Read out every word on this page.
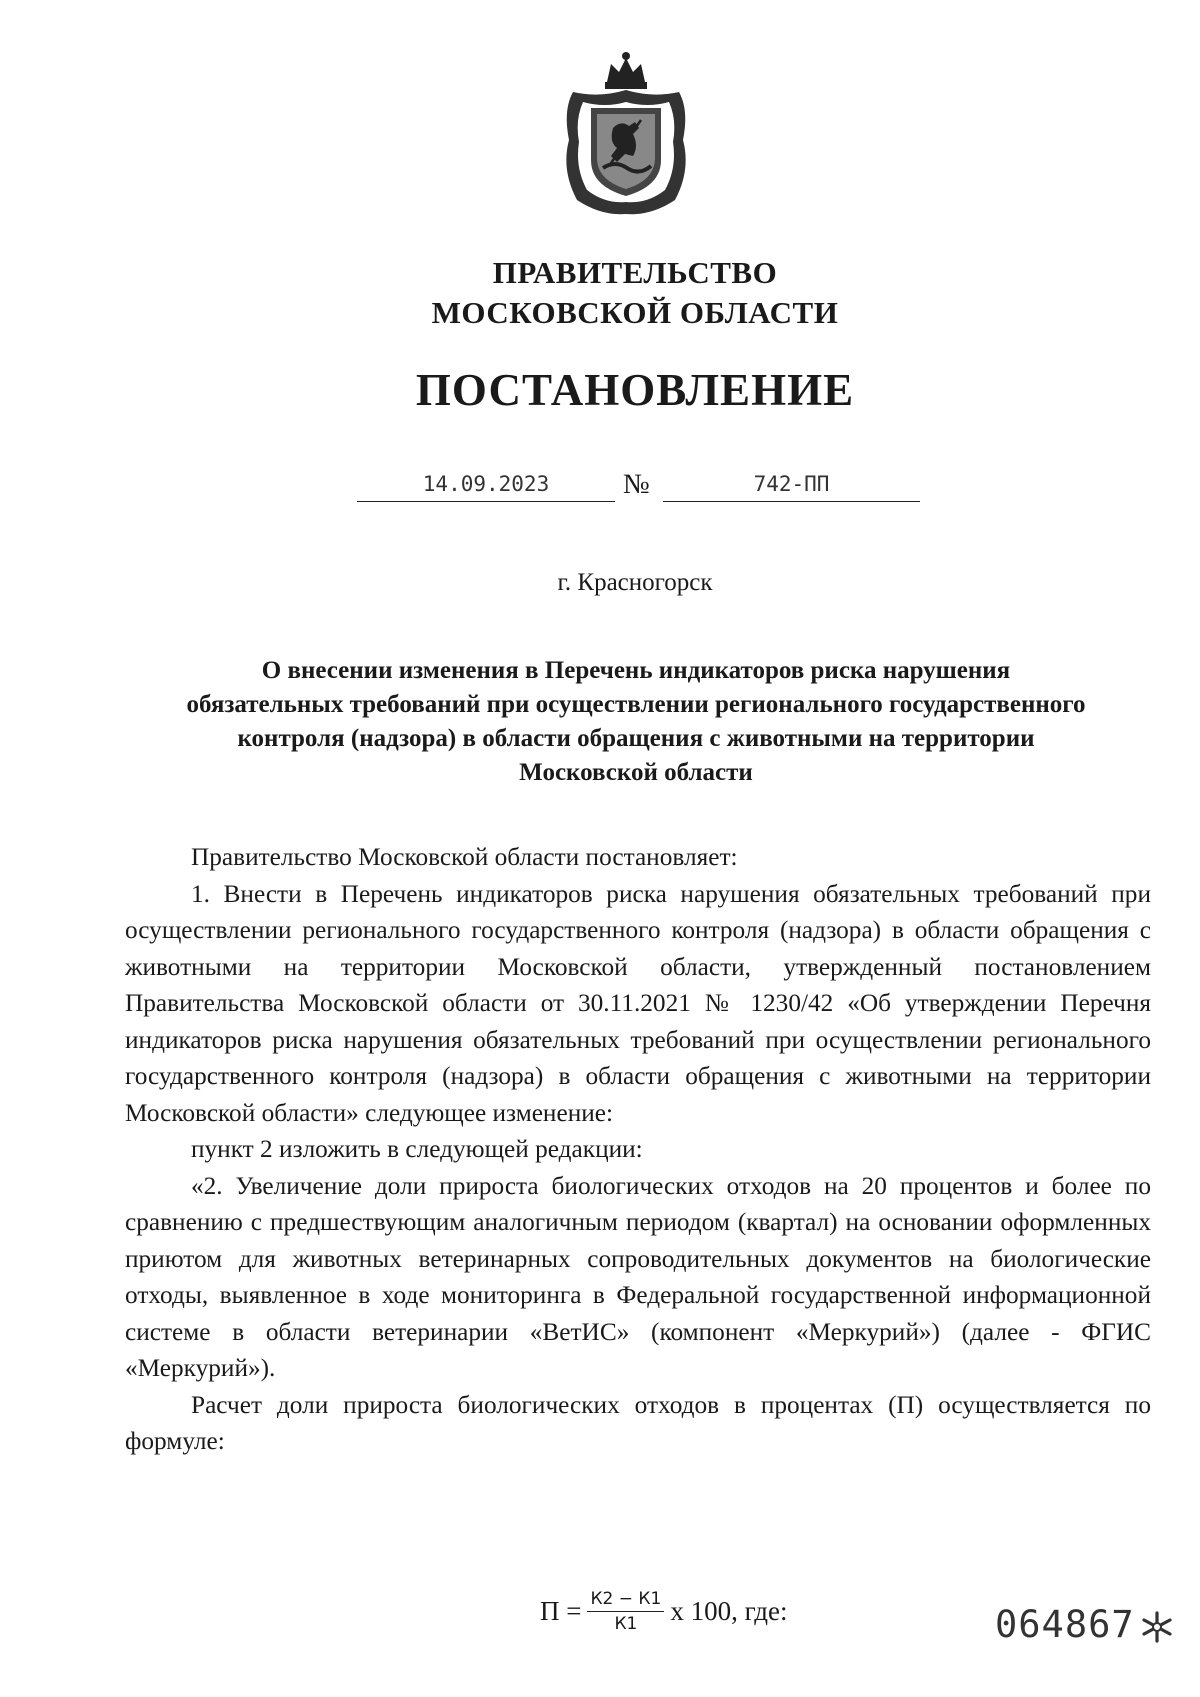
ПРАВИТЕЛЬСТВО
МОСКОВСКОЙ ОБЛАСТИ
ПОСТАНОВЛЕНИЕ
14.09.2023	№	742-ПП
г. Красногорск
О внесении изменения в Перечень индикаторов риска нарушения
обязательных требований при осуществлении регионального государственного
контроля (надзора) в области обращения с животными на территории
Московской области

Правительство Московской области постановляет:

1. Внести в Перечень индикаторов риска нарушения обязательных требований при осуществлении регионального государственного контроля (надзора) в области обращения с животными на территории Московской области, утвержденный постановлением Правительства Московской области от 30.11.2021 № 1230/42 «Об утверждении Перечня индикаторов риска нарушения обязательных требований при осуществлении регионального государственного контроля (надзора) в области обращения с животными на территории Московской области» следующее изменение:

пункт 2 изложить в следующей редакции:

«2. Увеличение доли прироста биологических отходов на 20 процентов и более по сравнению с предшествующим аналогичным периодом (квартал) на основании оформленных приютом для животных ветеринарных сопроводительных документов на биологические отходы, выявленное в ходе мониторинга в Федеральной государственной информационной системе в области ветеринарии «ВетИС» (компонент «Меркурий») (далее - ФГИС «Меркурий»).

Расчет доли прироста биологических отходов в процентах (П) осуществляется по формуле:

$П = \frac{К2 - К1}{К1}$ x 100, где:	064867
